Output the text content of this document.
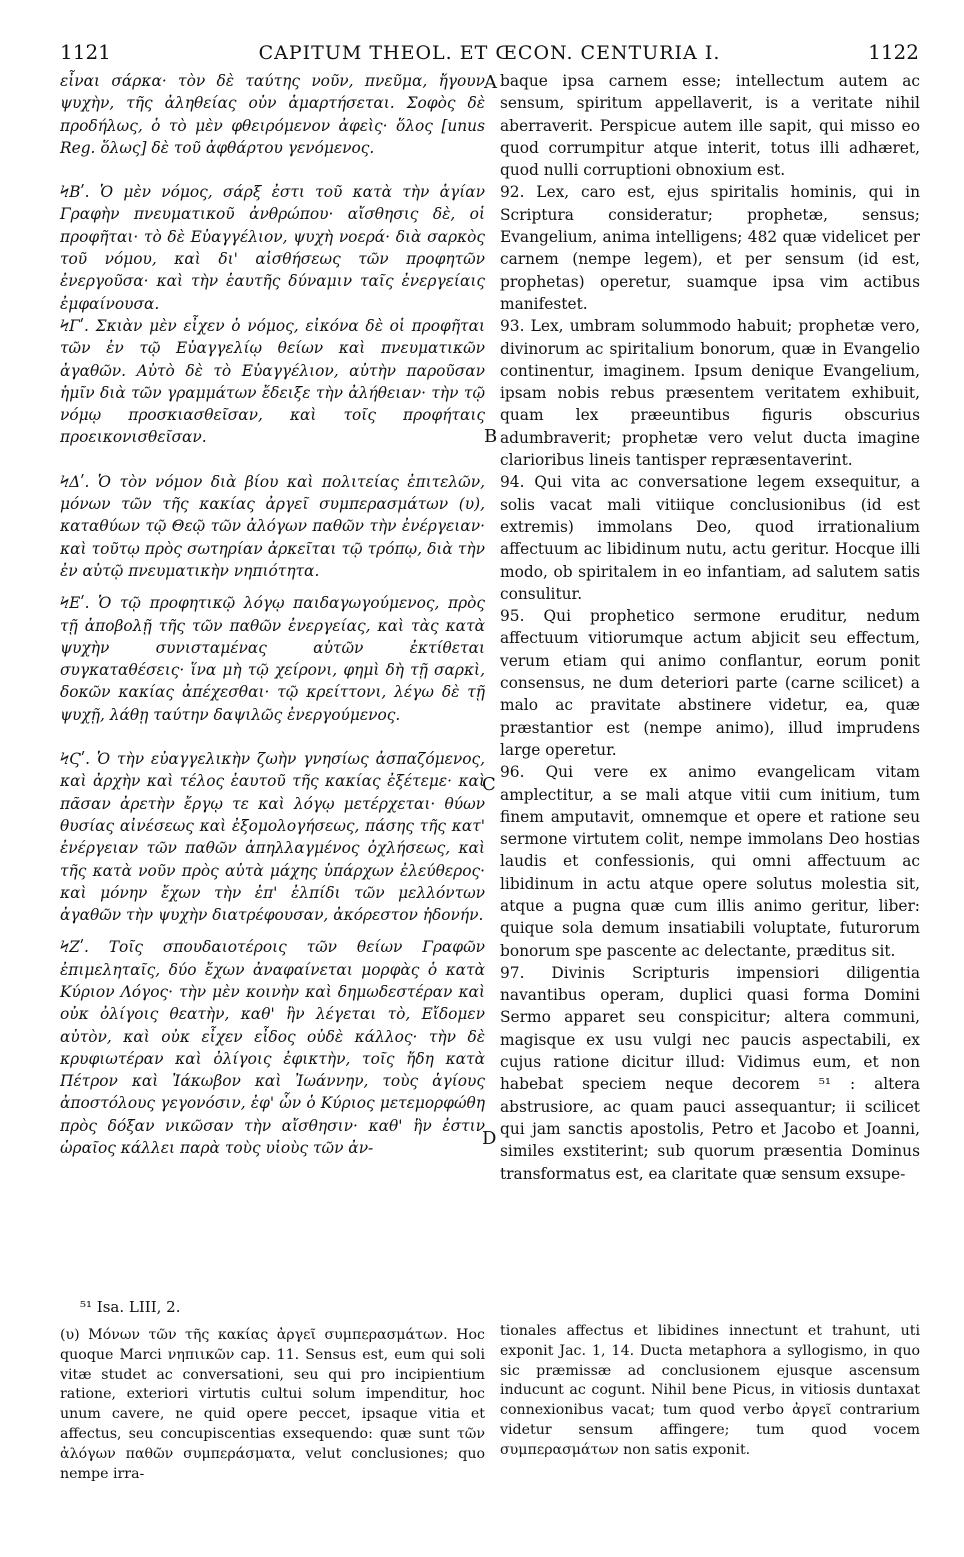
1121	CAPITUM THEOL. ET ŒCON. CENTURIA I.	1122

εἶναι σάρκα· τὸν δὲ ταύτης νοῦν, πνεῦμα, ἤγουν ψυχὴν, τῆς ἀληθείας οὐν ἁμαρτήσεται. Σοφὸς δὲ προδήλως, ὁ τὸ μὲν φθειρόμενον ἀφεὶς· ὅλος [unus Reg. ὅλως] δὲ τοῦ ἀφθάρτου γενόμενος.

ϞΒʹ. Ὁ μὲν νόμος, σάρξ ἐστι τοῦ κατὰ τὴν ἁγίαν Γραφὴν πνευματικοῦ ἀνθρώπου· αἴσθησις δὲ, οἱ προφῆται· τὸ δὲ Εὐαγγέλιον, ψυχὴ νοερά· διὰ σαρκὸς τοῦ νόμου, καὶ δι' αἰσθήσεως τῶν προφητῶν ἐνεργοῦσα· καὶ τὴν ἑαυτῆς δύναμιν ταῖς ἐνεργείαις ἐμφαίνουσα.

ϞΓʹ. Σκιὰν μὲν εἶχεν ὁ νόμος, εἰκόνα δὲ οἱ προφῆται τῶν ἐν τῷ Εὐαγγελίῳ θείων καὶ πνευματικῶν ἀγαθῶν. Αὐτὸ δὲ τὸ Εὐαγγέλιον, αὐτὴν παροῦσαν ἡμῖν διὰ τῶν γραμμάτων ἔδειξε τὴν ἀλήθειαν· τὴν τῷ νόμῳ προσκιασθεῖσαν, καὶ τοῖς προφήταις προεικονισθεῖσαν.

ϞΔʹ. Ὁ τὸν νόμον διὰ βίου καὶ πολιτείας ἐπιτελῶν, μόνων τῶν τῆς κακίας ἀργεῖ συμπερασμάτων (υ), καταθύων τῷ Θεῷ τῶν ἀλόγων παθῶν τὴν ἐνέργειαν· καὶ τοῦτῳ πρὸς σωτηρίαν ἀρκεῖται τῷ τρόπῳ, διὰ τὴν ἐν αὐτῷ πνευματικὴν νηπιότητα.

ϞΕʹ. Ὁ τῷ προφητικῷ λόγῳ παιδαγωγούμενος, πρὸς τῇ ἀποβολῇ τῆς τῶν παθῶν ἐνεργείας, καὶ τὰς κατὰ ψυχὴν συνισταμένας αὐτῶν ἐκτίθεται συγκαταθέσεις· ἵνα μὴ τῷ χείρονι, φημὶ δὴ τῇ σαρκὶ, δοκῶν κακίας ἀπέχεσθαι· τῷ κρείττονι, λέγω δὲ τῇ ψυχῇ, λάθῃ ταύτην δαψιλῶς ἐνεργούμενος.

ϞϚʹ. Ὁ τὴν εὐαγγελικὴν ζωὴν γνησίως ἀσπαζόμενος, καὶ ἀρχὴν καὶ τέλος ἑαυτοῦ τῆς κακίας ἐξέτεμε· καὶ πᾶσαν ἀρετὴν ἔργῳ τε καὶ λόγῳ μετέρχεται· θύων θυσίας αἰνέσεως καὶ ἐξομολογήσεως, πάσης τῆς κατ' ἐνέργειαν τῶν παθῶν ἀπηλλαγμένος ὀχλήσεως, καὶ τῆς κατὰ νοῦν πρὸς αὐτὰ μάχης ὑπάρχων ἐλεύθερος· καὶ μόνην ἔχων τὴν ἐπ' ἐλπίδι τῶν μελλόντων ἀγαθῶν τὴν ψυχὴν διατρέφουσαν, ἀκόρεστον ἡδονήν.

ϞΖʹ. Τοῖς σπουδαιοτέροις τῶν θείων Γραφῶν ἐπιμεληταῖς, δύο ἔχων ἀναφαίνεται μορφὰς ὁ κατὰ Κύριον Λόγος· τὴν μὲν κοινὴν καὶ δημωδεστέραν καὶ οὐκ ὀλίγοις θεατὴν, καθ' ἣν λέγεται τὸ, Εἴδομεν αὐτὸν, καὶ οὐκ εἶχεν εἶδος οὐδὲ κάλλος· τὴν δὲ κρυφιωτέραν καὶ ὀλίγοις ἐφικτὴν, τοῖς ἤδη κατὰ Πέτρον καὶ Ἰάκωβον καὶ Ἰωάννην, τοὺς ἁγίους ἀποστόλους γεγονόσιν, ἐφ' ὧν ὁ Κύριος μετεμορφώθη πρὸς δόξαν νικῶσαν τὴν αἴσθησιν· καθ' ἣν ἐστιν ὡραῖος κάλλει παρὰ τοὺς υἱοὺς τῶν ἀν-

baque ipsa carnem esse; intellectum autem ac sensum, spiritum appellaverit, is a veritate nihil aberraverit. Perspicue autem ille sapit, qui misso eo quod corrumpitur atque interit, totus illi adhæret, quod nulli corruptioni obnoxium est.

92. Lex, caro est, ejus spiritalis hominis, qui in Scriptura consideratur; prophetæ, sensus; Evangelium, anima intelligens; 482 quæ videlicet per carnem (nempe legem), et per sensum (id est, prophetas) operetur, suamque ipsa vim actibus manifestet.

93. Lex, umbram solummodo habuit; prophetæ vero, divinorum ac spiritalium bonorum, quæ in Evangelio continentur, imaginem. Ipsum denique Evangelium, ipsam nobis rebus præsentem veritatem exhibuit, quam lex præeuntibus figuris obscurius adumbraverit; prophetæ vero velut ducta imagine clarioribus lineis tantisper repræsentaverint.

94. Qui vita ac conversatione legem exsequitur, a solis vacat mali vitiique conclusionibus (id est extremis) immolans Deo, quod irrationalium affectuum ac libidinum nutu, actu geritur. Hocque illi modo, ob spiritalem in eo infantiam, ad salutem satis consulitur.

95. Qui prophetico sermone eruditur, nedum affectuum vitiorumque actum abjicit seu effectum, verum etiam qui animo conflantur, eorum ponit consensus, ne dum deteriori parte (carne scilicet) a malo ac pravitate abstinere videtur, ea, quæ præstantior est (nempe animo), illud imprudens large operetur.

96. Qui vere ex animo evangelicam vitam amplectitur, a se mali atque vitii cum initium, tum finem amputavit, omnemque et opere et ratione seu sermone virtutem colit, nempe immolans Deo hostias laudis et confessionis, qui omni affectuum ac libidinum in actu atque opere solutus molestia sit, atque a pugna quæ cum illis animo geritur, liber: quique sola demum insatiabili voluptate, futurorum bonorum spe pascente ac delectante, præditus sit.

97. Divinis Scripturis impensiori diligentia navantibus operam, duplici quasi forma Domini Sermo apparet seu conspicitur; altera communi, magisque ex usu vulgi nec paucis aspectabili, ex cujus ratione dicitur illud: Vidimus eum, et non habebat speciem neque decorem ⁵¹ : altera abstrusiore, ac quam pauci assequantur; ii scilicet qui jam sanctis apostolis, Petro et Jacobo et Joanni, similes exstiterint; sub quorum præsentia Dominus transformatus est, ea claritate quæ sensum exsupe-

A
B
C
D

⁵¹ Isa. LIII, 2.

(υ) Μόνων τῶν τῆς κακίας ἀργεῖ συμπερασμάτων. Hoc quoque Marci νηπιικῶν cap. 11. Sensus est, eum qui soli vitæ studet ac conversationi, seu qui pro incipientium ratione, exteriori virtutis cultui solum impenditur, hoc unum cavere, ne quid opere peccet, ipsaque vitia et affectus, seu concupiscentias exsequendo: quæ sunt τῶν ἀλόγων παθῶν συμπεράσματα, velut conclusiones; quo nempe irra-

tionales affectus et libidines innectunt et trahunt, uti exponit Jac. 1, 14. Ducta metaphora a syllogismo, in quo sic præmissæ ad conclusionem ejusque ascensum inducunt ac cogunt. Nihil bene Picus, in vitiosis duntaxat connexionibus vacat; tum quod verbo ἀργεῖ contrarium videtur sensum affingere; tum quod vocem συμπερασμάτων non satis exponit.
